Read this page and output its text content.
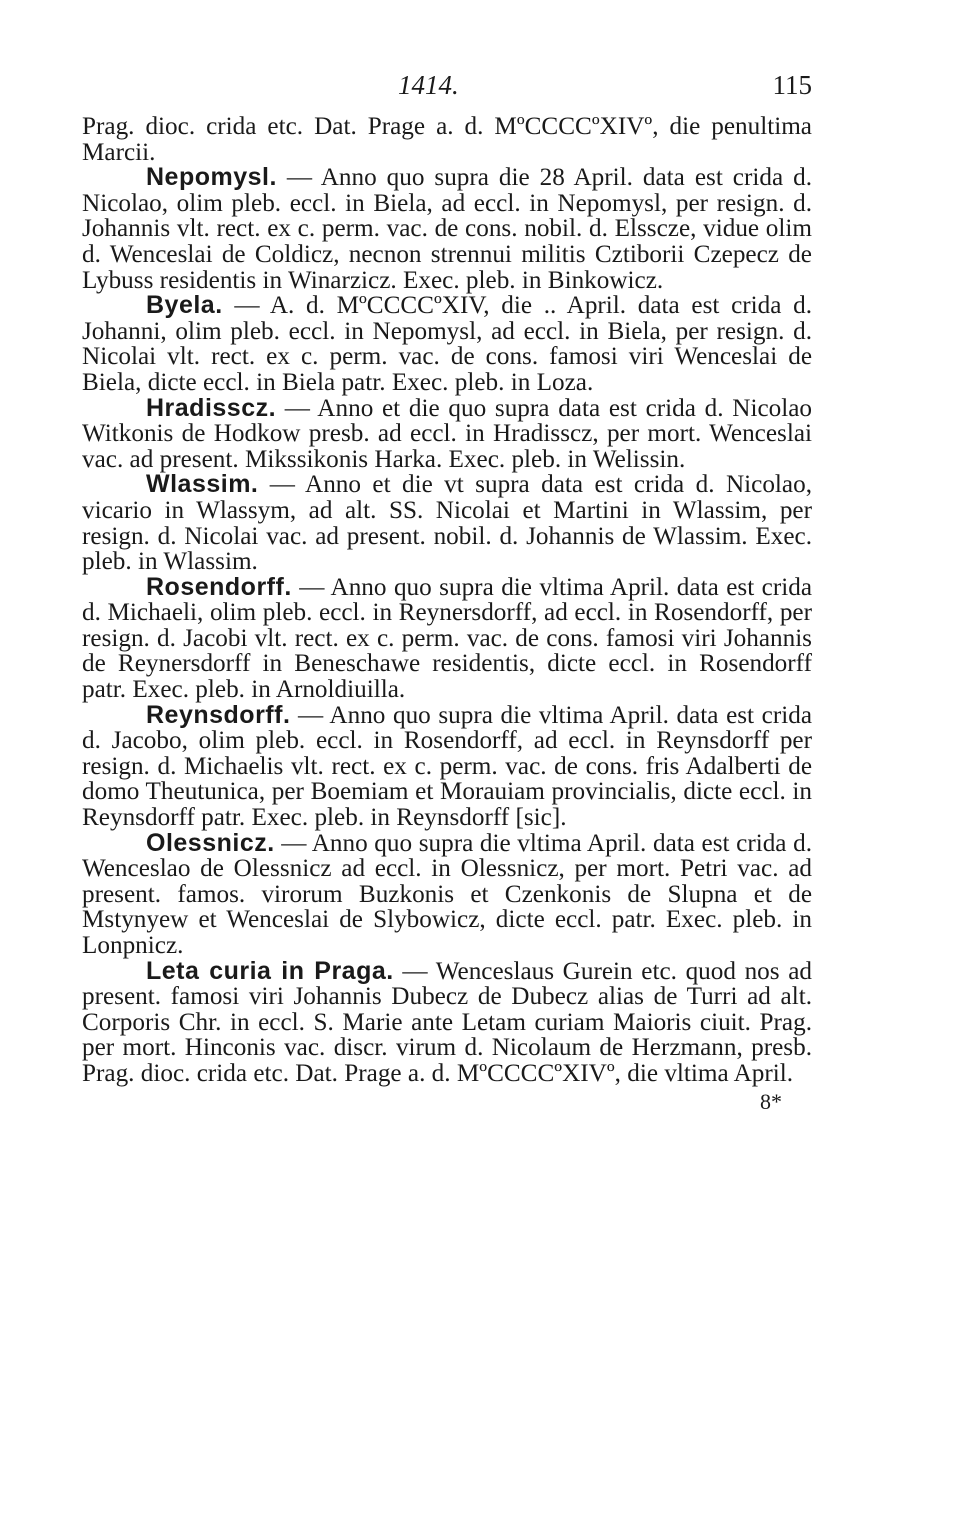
1414.	115

Prag. dioc. crida etc. Dat. Prage a. d. MºCCCCºXIVº, die penultima Marcii.

Nepomysl. — Anno quo supra die 28 April. data est crida d. Nicolao, olim pleb. eccl. in Biela, ad eccl. in Nepomysl, per resign. d. Johannis vlt. rect. ex c. perm. vac. de cons. nobil. d. Elsscze, vidue olim d. Wenceslai de Coldicz, necnon strennui militis Cztiborii Czepecz de Lybuss residentis in Winarzicz. Exec. pleb. in Binkowicz.

Byela. — A. d. MºCCCCºXIV, die .. April. data est crida d. Johanni, olim pleb. eccl. in Nepomysl, ad eccl. in Biela, per resign. d. Nicolai vlt. rect. ex c. perm. vac. de cons. famosi viri Wenceslai de Biela, dicte eccl. in Biela patr. Exec. pleb. in Loza.

Hradisscz. — Anno et die quo supra data est crida d. Nicolao Witkonis de Hodkow presb. ad eccl. in Hradisscz, per mort. Wenceslai vac. ad present. Mikssikonis Harka. Exec. pleb. in Welissin.

Wlassim. — Anno et die vt supra data est crida d. Nicolao, vicario in Wlassym, ad alt. SS. Nicolai et Martini in Wlassim, per resign. d. Nicolai vac. ad present. nobil. d. Johannis de Wlassim. Exec. pleb. in Wlassim.

Rosendorff. — Anno quo supra die vltima April. data est crida d. Michaeli, olim pleb. eccl. in Reynersdorff, ad eccl. in Rosendorff, per resign. d. Jacobi vlt. rect. ex c. perm. vac. de cons. famosi viri Johannis de Reynersdorff in Beneschawe residentis, dicte eccl. in Rosendorff patr. Exec. pleb. in Arnoldiuilla.

Reynsdorff. — Anno quo supra die vltima April. data est crida d. Jacobo, olim pleb. eccl. in Rosendorff, ad eccl. in Reynsdorff per resign. d. Michaelis vlt. rect. ex c. perm. vac. de cons. fris Adalberti de domo Theutunica, per Boemiam et Morauiam provincialis, dicte eccl. in Reynsdorff patr. Exec. pleb. in Reynsdorff [sic].

Olessnicz. — Anno quo supra die vltima April. data est crida d. Wenceslao de Olessnicz ad eccl. in Olessnicz, per mort. Petri vac. ad present. famos. virorum Buzkonis et Czenkonis de Slupna et de Mstynyew et Wenceslai de Slybowicz, dicte eccl. patr. Exec. pleb. in Lonpnicz.

Leta curia in Praga. — Wenceslaus Gurein etc. quod nos ad present. famosi viri Johannis Dubecz de Dubecz alias de Turri ad alt. Corporis Chr. in eccl. S. Marie ante Letam curiam Maioris ciuit. Prag. per mort. Hinconis vac. discr. virum d. Nicolaum de Herzmann, presb. Prag. dioc. crida etc. Dat. Prage a. d. MºCCCCºXIVº, die vltima April.

8*
